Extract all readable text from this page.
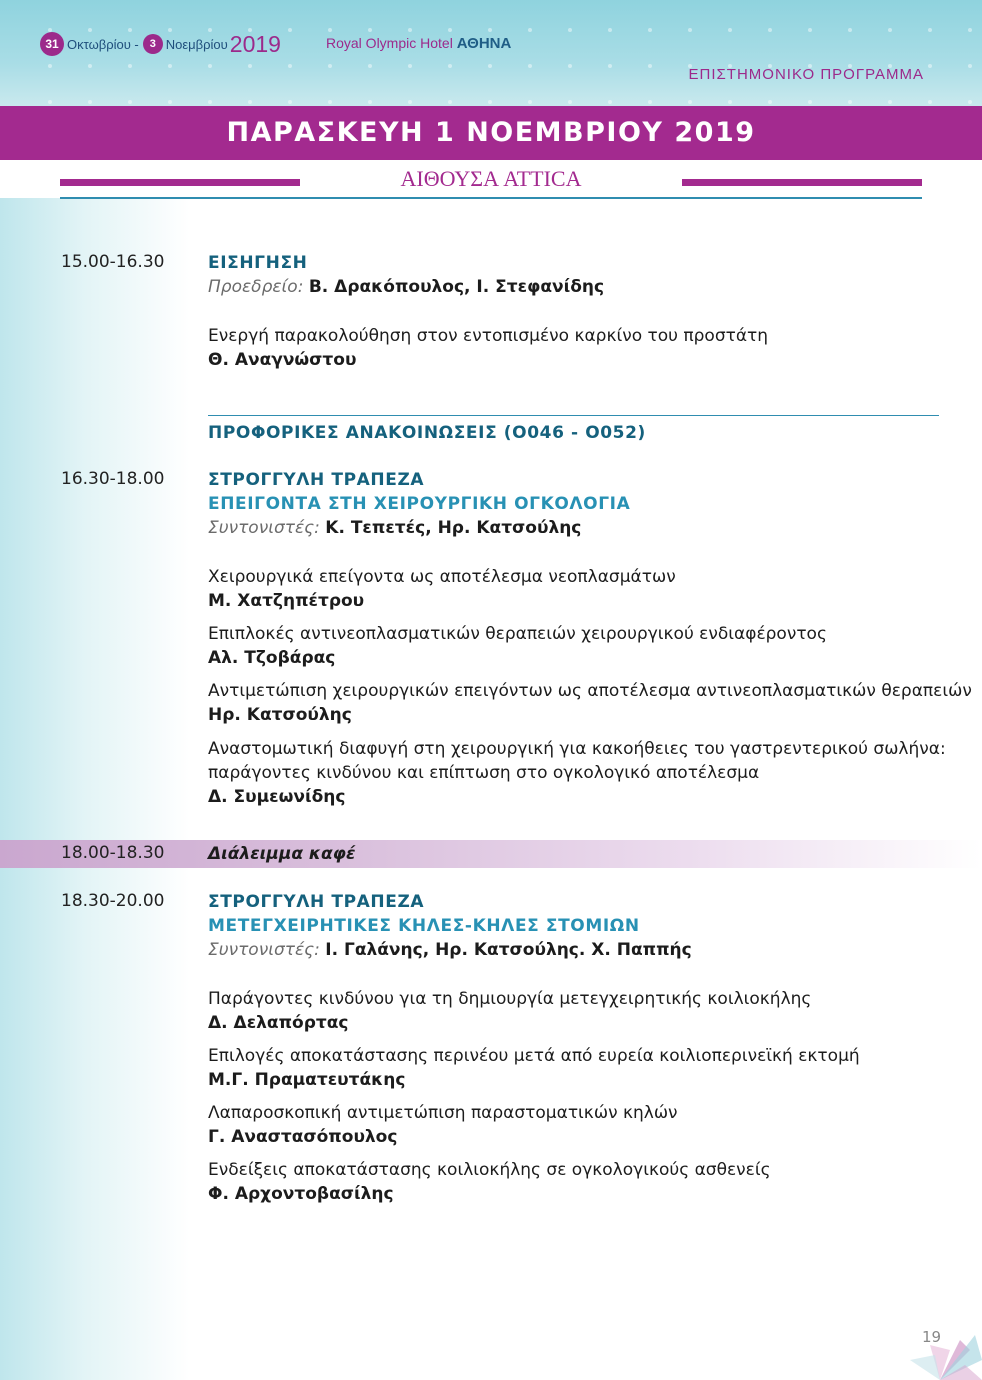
31 Οκτωβρίου - 3 Νοεμβρίου 2019	Royal Olympic Hotel ΑΘΗΝΑ
ΕΠΙΣΤΗΜΟΝΙΚΟ ΠΡΟΓΡΑΜΜΑ
ΠΑΡΑΣΚΕΥΗ 1 ΝΟΕΜΒΡΙΟΥ 2019
ΑΙΘΟΥΣΑ ATTICA
15.00-16.30	ΕΙΣΗΓΗΣΗ
Προεδρείο: Β. Δρακόπουλος, Ι. Στεφανίδης
Ενεργή παρακολούθηση στον εντοπισμένο καρκίνο του προστάτη
Θ. Αναγνώστου
ΠΡΟΦΟΡΙΚΕΣ ΑΝΑΚΟΙΝΩΣΕΙΣ (Ο046 - Ο052)
16.30-18.00	ΣΤΡΟΓΓΥΛΗ ΤΡΑΠΕΖΑ
ΕΠΕΙΓΟΝΤΑ ΣΤΗ ΧΕΙΡΟΥΡΓΙΚΗ ΟΓΚΟΛΟΓΙΑ
Συντονιστές: Κ. Τεπετές, Ηρ. Κατσούλης
Χειρουργικά επείγοντα ως αποτέλεσμα νεοπλασμάτων
Μ. Χατζηπέτρου
Επιπλοκές αντινεοπλασματικών θεραπειών χειρουργικού ενδιαφέροντος
Αλ. Τζοβάρας
Αντιμετώπιση χειρουργικών επειγόντων ως αποτέλεσμα αντινεοπλασματικών θεραπειών
Ηρ. Κατσούλης
Αναστομωτική διαφυγή στη χειρουργική για κακοήθειες του γαστρεντερικού σωλήνα:
παράγοντες κινδύνου και επίπτωση στο ογκολογικό αποτέλεσμα
Δ. Συμεωνίδης
18.00-18.30	Διάλειμμα καφέ
18.30-20.00	ΣΤΡΟΓΓΥΛΗ ΤΡΑΠΕΖΑ
ΜΕΤΕΓΧΕΙΡΗΤΙΚΕΣ ΚΗΛΕΣ-ΚΗΛΕΣ ΣΤΟΜΙΩΝ
Συντονιστές: Ι. Γαλάνης, Ηρ. Κατσούλης. Χ. Παππής
Παράγοντες κινδύνου για τη δημιουργία μετεγχειρητικής κοιλιοκήλης
Δ. Δελαπόρτας
Επιλογές αποκατάστασης περινέου μετά από ευρεία κοιλιοπερινεϊκή εκτομή
Μ.Γ. Πραματευτάκης
Λαπαροσκοπική αντιμετώπιση παραστοματικών κηλών
Γ. Αναστασόπουλος
Ενδείξεις αποκατάστασης κοιλιοκήλης σε ογκολογικούς ασθενείς
Φ. Αρχοντοβασίλης
19
